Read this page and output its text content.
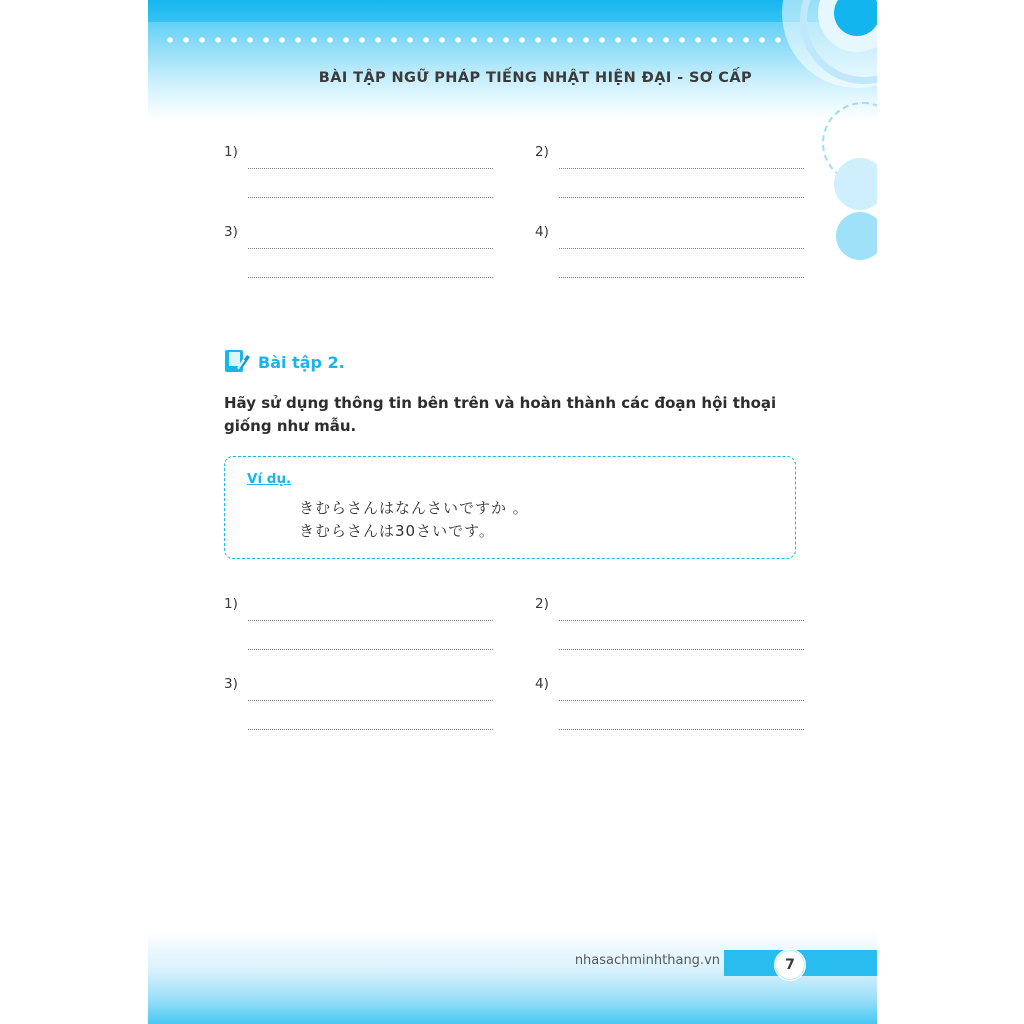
BÀI TẬP NGỮ PHÁP TIẾNG NHẬT HIỆN ĐẠI - SƠ CẤP
1)	2)
3)	4)
Bài tập 2.
Hãy sử dụng thông tin bên trên và hoàn thành các đoạn hội thoại giống như mẫu.
Ví dụ.
きむらさんはなんさいですか 。
きむらさんは30さいです。
1)	2)
3)	4)
nhasachminhthang.vn	7
